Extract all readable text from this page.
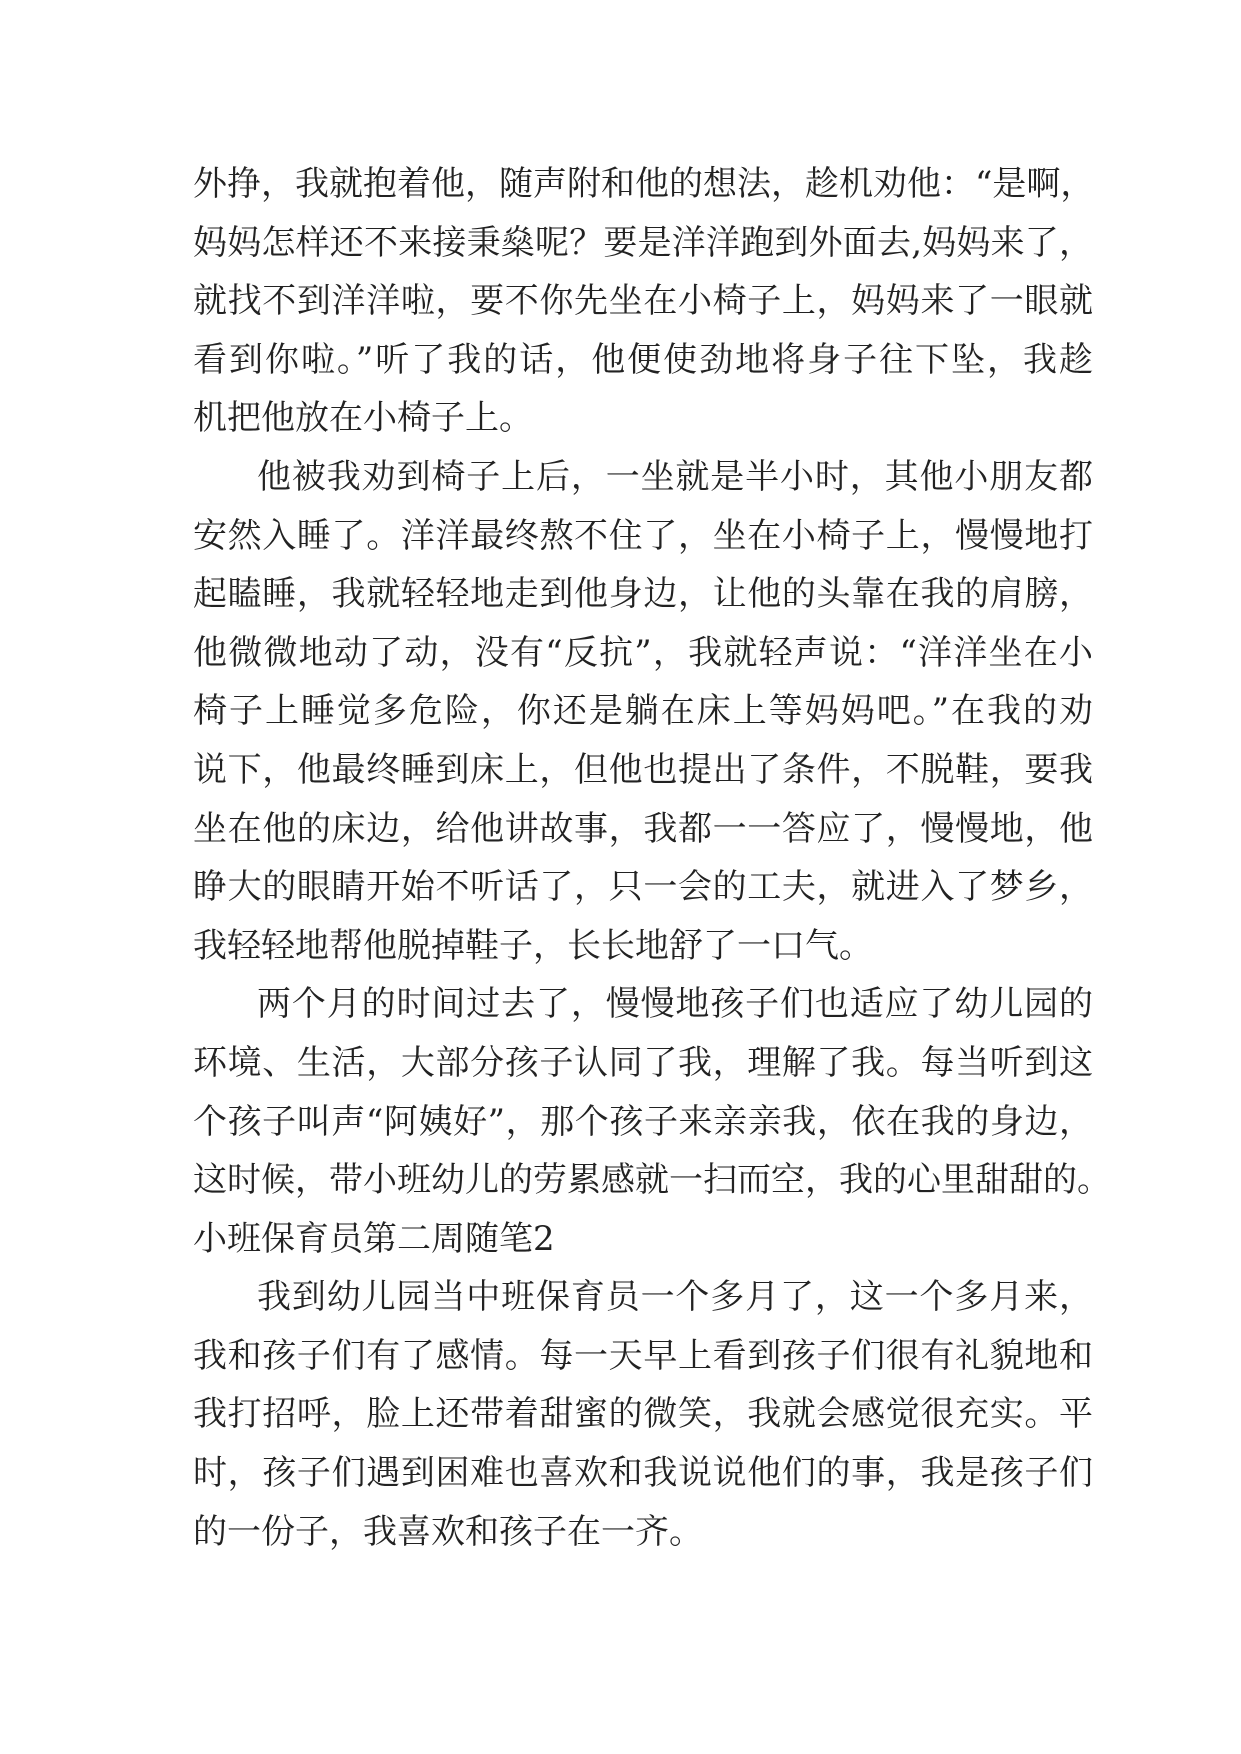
外挣，我就抱着他，随声附和他的想法，趁机劝他：“是啊，
妈妈怎样还不来接秉燊呢？要是洋洋跑到外面去,妈妈来了，
就找不到洋洋啦，要不你先坐在小椅子上，妈妈来了一眼就
看到你啦。”听了我的话，他便使劲地将身子往下坠，我趁
机把他放在小椅子上。
他被我劝到椅子上后，一坐就是半小时，其他小朋友都
安然入睡了。洋洋最终熬不住了，坐在小椅子上，慢慢地打
起瞌睡，我就轻轻地走到他身边，让他的头靠在我的肩膀，
他微微地动了动，没有“反抗”，我就轻声说：“洋洋坐在小
椅子上睡觉多危险，你还是躺在床上等妈妈吧。”在我的劝
说下，他最终睡到床上，但他也提出了条件，不脱鞋，要我
坐在他的床边，给他讲故事，我都一一答应了，慢慢地，他
睁大的眼睛开始不听话了，只一会的工夫，就进入了梦乡，
我轻轻地帮他脱掉鞋子，长长地舒了一口气。
两个月的时间过去了，慢慢地孩子们也适应了幼儿园的
环境、生活，大部分孩子认同了我，理解了我。每当听到这
个孩子叫声“阿姨好”，那个孩子来亲亲我，依在我的身边，
这时候，带小班幼儿的劳累感就一扫而空，我的心里甜甜的。
小班保育员第二周随笔2
我到幼儿园当中班保育员一个多月了，这一个多月来，
我和孩子们有了感情。每一天早上看到孩子们很有礼貌地和
我打招呼，脸上还带着甜蜜的微笑，我就会感觉很充实。平
时，孩子们遇到困难也喜欢和我说说他们的事，我是孩子们
的一份子，我喜欢和孩子在一齐。
